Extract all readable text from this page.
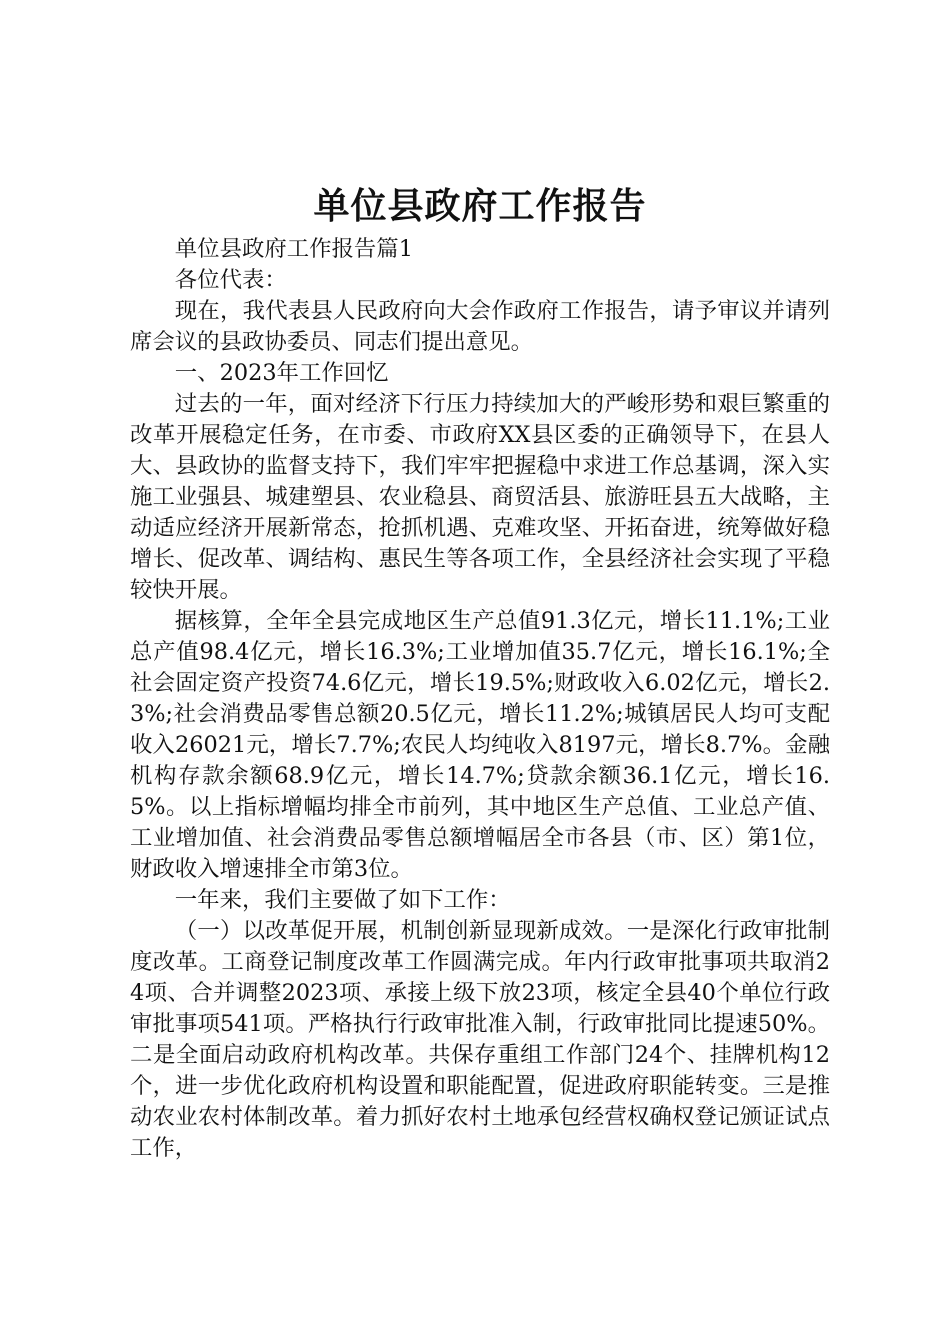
单位县政府工作报告

单位县政府工作报告篇1

各位代表：

现在，我代表县人民政府向大会作政府工作报告，请予审议并请列席会议的县政协委员、同志们提出意见。

一、2023年工作回忆

过去的一年，面对经济下行压力持续加大的严峻形势和艰巨繁重的改革开展稳定任务，在市委、市政府XX县区委的正确领导下，在县人大、县政协的监督支持下，我们牢牢把握稳中求进工作总基调，深入实施工业强县、城建塑县、农业稳县、商贸活县、旅游旺县五大战略，主动适应经济开展新常态，抢抓机遇、克难攻坚、开拓奋进，统筹做好稳增长、促改革、调结构、惠民生等各项工作，全县经济社会实现了平稳较快开展。

据核算，全年全县完成地区生产总值91.3亿元，增长11.1%;工业总产值98.4亿元，增长16.3%;工业增加值35.7亿元，增长16.1%;全社会固定资产投资74.6亿元，增长19.5%;财政收入6.02亿元，增长2.3%;社会消费品零售总额20.5亿元，增长11.2%;城镇居民人均可支配收入26021元，增长7.7%;农民人均纯收入8197元，增长8.7%。金融机构存款余额68.9亿元，增长14.7%;贷款余额36.1亿元，增长16.5%。以上指标增幅均排全市前列，其中地区生产总值、工业总产值、工业增加值、社会消费品零售总额增幅居全市各县（市、区）第1位，财政收入增速排全市第3位。

一年来，我们主要做了如下工作：

（一）以改革促开展，机制创新显现新成效。一是深化行政审批制度改革。工商登记制度改革工作圆满完成。年内行政审批事项共取消24项、合并调整2023项、承接上级下放23项，核定全县40个单位行政审批事项541项。严格执行行政审批准入制，行政审批同比提速50%。二是全面启动政府机构改革。共保存重组工作部门24个、挂牌机构12个，进一步优化政府机构设置和职能配置，促进政府职能转变。三是推动农业农村体制改革。着力抓好农村土地承包经营权确权登记颁证试点工作，
